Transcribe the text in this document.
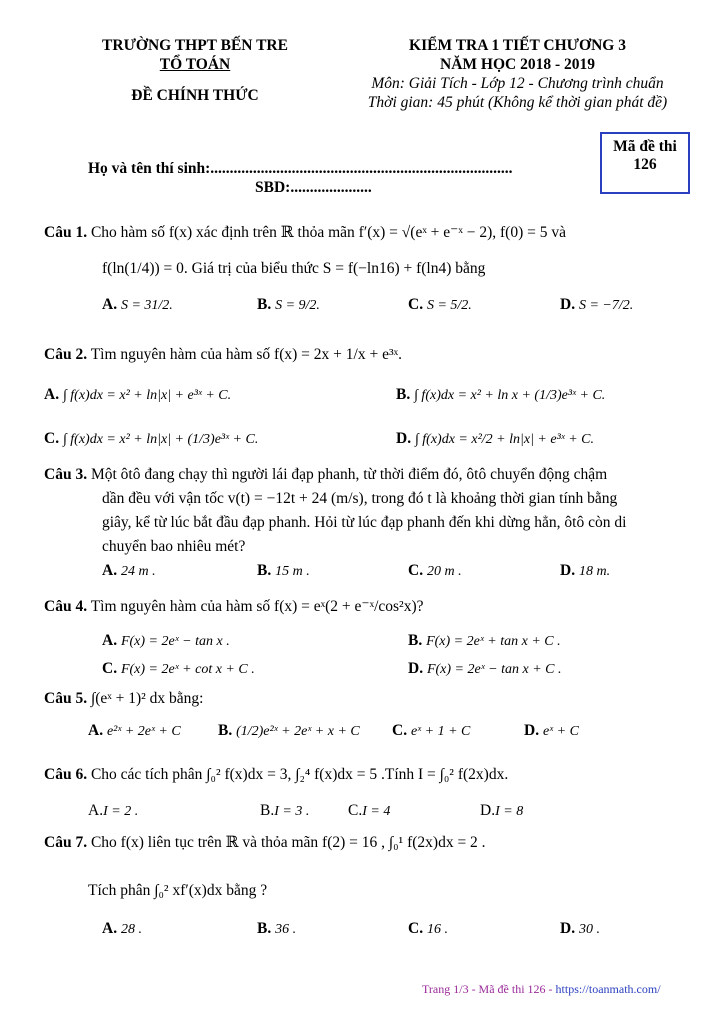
TRƯỜNG THPT BẾN TRE
TỔ TOÁN
ĐỀ CHÍNH THỨC
KIỂM TRA 1 TIẾT CHƯƠNG 3
NĂM HỌC 2018 - 2019
Môn: Giải Tích - Lớp 12 - Chương trình chuẩn
Thời gian: 45 phút (Không kể thời gian phát đề)
Mã đề thi
126
Họ và tên thí sinh:..............................................................................
SBD:.....................
Câu 1. Cho hàm số f(x) xác định trên ℝ thỏa mãn f′(x) = √(eˣ + e⁻ˣ − 2), f(0) = 5 và
f(ln(1/4)) = 0. Giá trị của biểu thức S = f(−ln16) + f(ln4) bằng
A. S = 31/2.	B. S = 9/2.	C. S = 5/2.	D. S = −7/2.
Câu 2. Tìm nguyên hàm của hàm số f(x) = 2x + 1/x + e³ˣ.
A. ∫ f(x)dx = x² + ln|x| + e³ˣ + C.	B. ∫ f(x)dx = x² + ln x + (1/3)e³ˣ + C.
C. ∫ f(x)dx = x² + ln|x| + (1/3)e³ˣ + C.	D. ∫ f(x)dx = x²/2 + ln|x| + e³ˣ + C.
Câu 3. Một ôtô đang chạy thì người lái đạp phanh, từ thời điểm đó, ôtô chuyển động chậm
dần đều với vận tốc v(t) = −12t + 24 (m/s), trong đó t là khoảng thời gian tính bằng
giây, kể từ lúc bắt đầu đạp phanh. Hỏi từ lúc đạp phanh đến khi dừng hẳn, ôtô còn di
chuyển bao nhiêu mét?
A. 24 m .	B. 15 m .	C. 20 m .	D. 18 m.
Câu 4. Tìm nguyên hàm của hàm số f(x) = eˣ(2 + e⁻ˣ/cos²x)?
A. F(x) = 2eˣ − tan x .	B. F(x) = 2eˣ + tan x + C .
C. F(x) = 2eˣ + cot x + C .	D. F(x) = 2eˣ − tan x + C .
Câu 5. ∫(eˣ + 1)² dx bằng:
A. e²ˣ + 2eˣ + C B. (1/2)e²ˣ + 2eˣ + x + C C. eˣ + 1 + C	D. eˣ + C
Câu 6. Cho các tích phân ∫₀² f(x)dx = 3, ∫₂⁴ f(x)dx = 5 .Tính I = ∫₀² f(2x)dx.
A.I = 2 .	B.I = 3 . C.I = 4	D.I = 8
Câu 7. Cho f(x) liên tục trên ℝ và thỏa mãn f(2) = 16 , ∫₀¹ f(2x)dx = 2 .
Tích phân ∫₀² xf′(x)dx bằng ?
A. 28 .	B. 36 .	C. 16 .	D. 30 .
Trang 1/3 - Mã đề thi 126 - https://toanmath.com/
